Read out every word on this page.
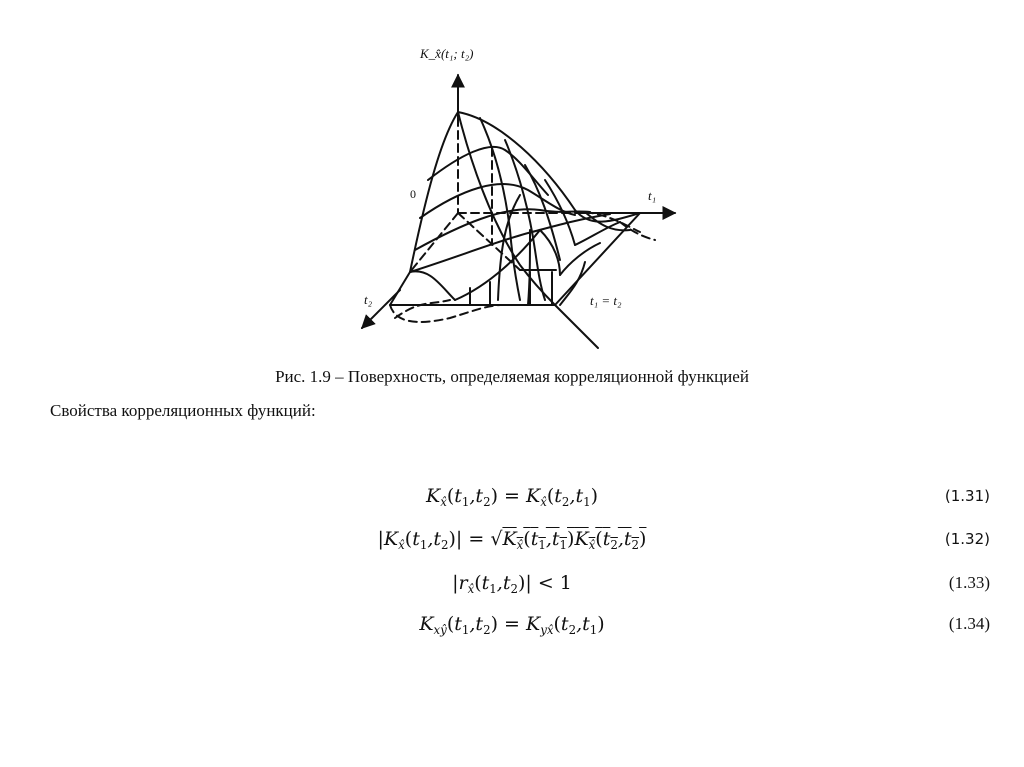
K_x̂(t₁; t₂)
t₁
t₂
0
t₁ = t₂
Рис. 1.9 – Поверхность, определяемая корреляционной функцией
Свойства корреляционных функций:
$K_{x̂}(t_1,t_2) = K_{x̂}(t_2,t_1)$	(1.31)
$|K_{x̂}(t_1,t_2)| = √K_{x̂}(t_1,t_1)K_{x̂}(t_2,t_2)$	(1.32)
$|r_{x̂}(t_1,t_2)| < 1$	(1.33)
$K_{xŷ}(t_1,t_2) = K_{yx̂}(t_2,t_1)$	(1.34)
